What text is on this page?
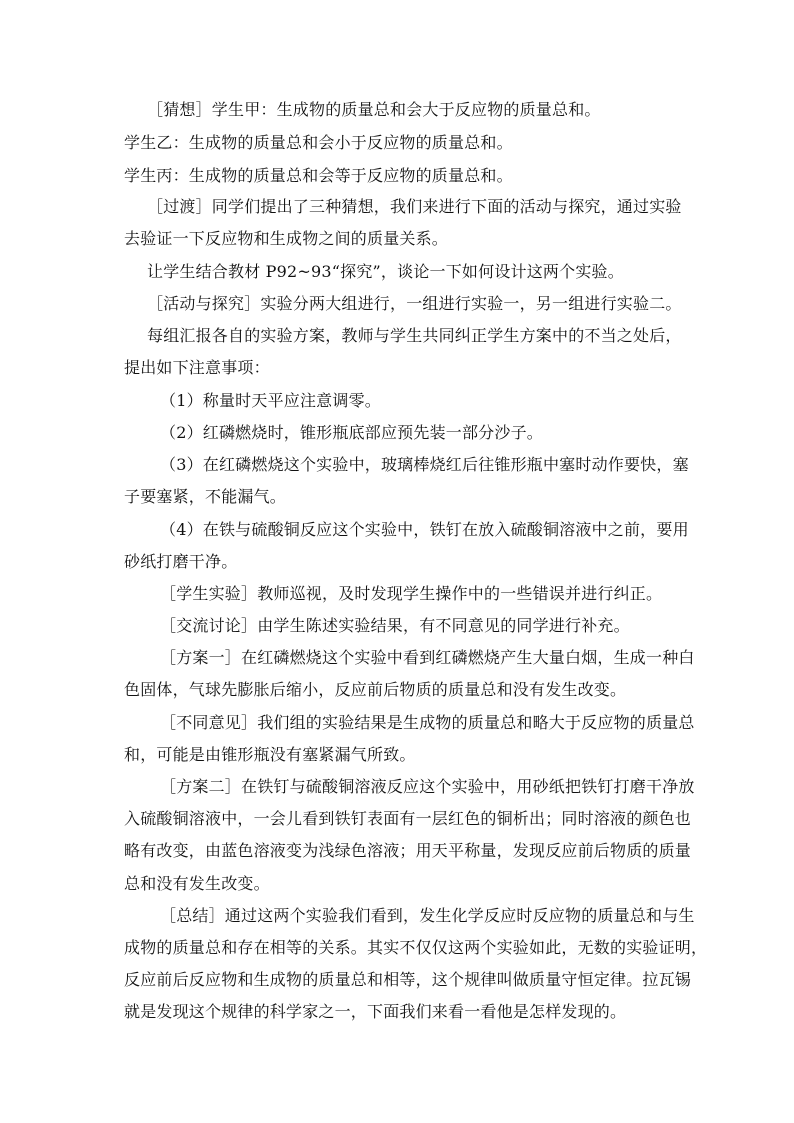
［猜想］学生甲：生成物的质量总和会大于反应物的质量总和。
学生乙：生成物的质量总和会小于反应物的质量总和。
学生丙：生成物的质量总和会等于反应物的质量总和。
［过渡］同学们提出了三种猜想，我们来进行下面的活动与探究，通过实验
去验证一下反应物和生成物之间的质量关系。
让学生结合教材 P92~93“探究”，谈论一下如何设计这两个实验。
［活动与探究］实验分两大组进行，一组进行实验一，另一组进行实验二。
每组汇报各自的实验方案，教师与学生共同纠正学生方案中的不当之处后，
提出如下注意事项：
（1）称量时天平应注意调零。
（2）红磷燃烧时，锥形瓶底部应预先装一部分沙子。
（3）在红磷燃烧这个实验中，玻璃棒烧红后往锥形瓶中塞时动作要快，塞
子要塞紧，不能漏气。
（4）在铁与硫酸铜反应这个实验中，铁钉在放入硫酸铜溶液中之前，要用
砂纸打磨干净。
［学生实验］教师巡视，及时发现学生操作中的一些错误并进行纠正。
［交流讨论］由学生陈述实验结果，有不同意见的同学进行补充。
［方案一］在红磷燃烧这个实验中看到红磷燃烧产生大量白烟，生成一种白
色固体，气球先膨胀后缩小，反应前后物质的质量总和没有发生改变。
［不同意见］我们组的实验结果是生成物的质量总和略大于反应物的质量总
和，可能是由锥形瓶没有塞紧漏气所致。
［方案二］在铁钉与硫酸铜溶液反应这个实验中，用砂纸把铁钉打磨干净放
入硫酸铜溶液中，一会儿看到铁钉表面有一层红色的铜析出；同时溶液的颜色也
略有改变，由蓝色溶液变为浅绿色溶液；用天平称量，发现反应前后物质的质量
总和没有发生改变。
［总结］通过这两个实验我们看到，发生化学反应时反应物的质量总和与生
成物的质量总和存在相等的关系。其实不仅仅这两个实验如此，无数的实验证明，
反应前后反应物和生成物的质量总和相等，这个规律叫做质量守恒定律。拉瓦锡
就是发现这个规律的科学家之一，下面我们来看一看他是怎样发现的。
